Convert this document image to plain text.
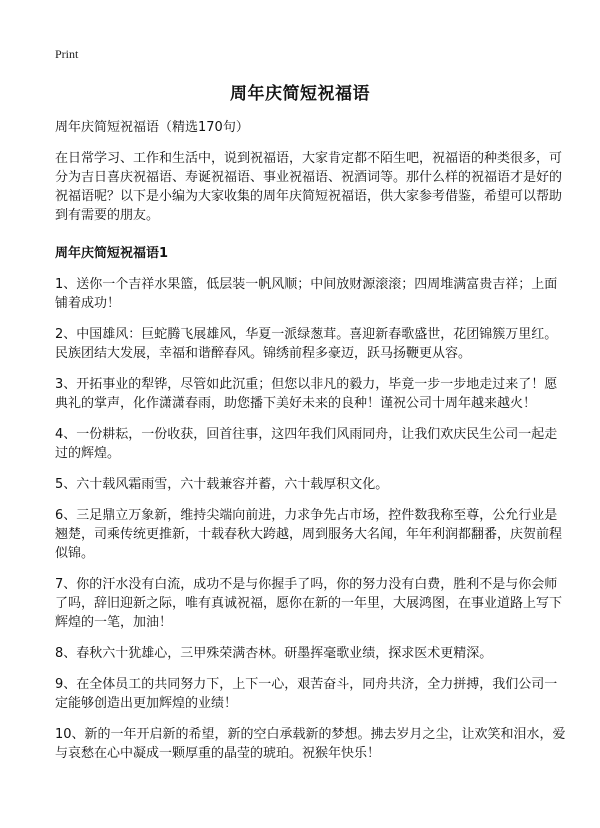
Print
周年庆简短祝福语

周年庆简短祝福语（精选170句）

在日常学习、工作和生活中，说到祝福语，大家肯定都不陌生吧，祝福语的种类很多，可分为吉日喜庆祝福语、寿诞祝福语、事业祝福语、祝酒词等。那什么样的祝福语才是好的祝福语呢？以下是小编为大家收集的周年庆简短祝福语，供大家参考借鉴，希望可以帮助到有需要的朋友。

周年庆简短祝福语1

1、送你一个吉祥水果篮，低层装一帆风顺；中间放财源滚滚；四周堆满富贵吉祥；上面铺着成功！

2、中国雄风：巨蛇腾飞展雄风，华夏一派绿葱茸。喜迎新春歌盛世，花团锦簇万里红。民族团结大发展，幸福和谐醉春风。锦绣前程多豪迈，跃马扬鞭更从容。

3、开拓事业的犁铧，尽管如此沉重；但您以非凡的毅力，毕竟一步一步地走过来了！愿典礼的掌声，化作潇潇春雨，助您播下美好未来的良种！谨祝公司十周年越来越火！

4、一份耕耘，一份收获，回首往事，这四年我们风雨同舟，让我们欢庆民生公司一起走过的辉煌。

5、六十载风霜雨雪，六十载兼容并蓄，六十载厚积文化。

6、三足鼎立万象新，维持尖端向前进，力求争先占市场，控件数我称至尊，公允行业是翘楚，司乘传统更推新，十载春秋大跨越，周到服务大名闻，年年利润都翻番，庆贺前程似锦。

7、你的汗水没有白流，成功不是与你握手了吗，你的努力没有白费，胜利不是与你会师了吗，辞旧迎新之际，唯有真诚祝福，愿你在新的一年里，大展鸿图，在事业道路上写下辉煌的一笔，加油！

8、春秋六十犹雄心，三甲殊荣满杏林。研墨挥毫歌业绩，探求医术更精深。

9、在全体员工的共同努力下，上下一心，艰苦奋斗，同舟共济，全力拼搏，我们公司一定能够创造出更加辉煌的业绩！

10、新的一年开启新的希望，新的空白承载新的梦想。拂去岁月之尘，让欢笑和泪水，爱与哀愁在心中凝成一颗厚重的晶莹的琥珀。祝猴年快乐！
